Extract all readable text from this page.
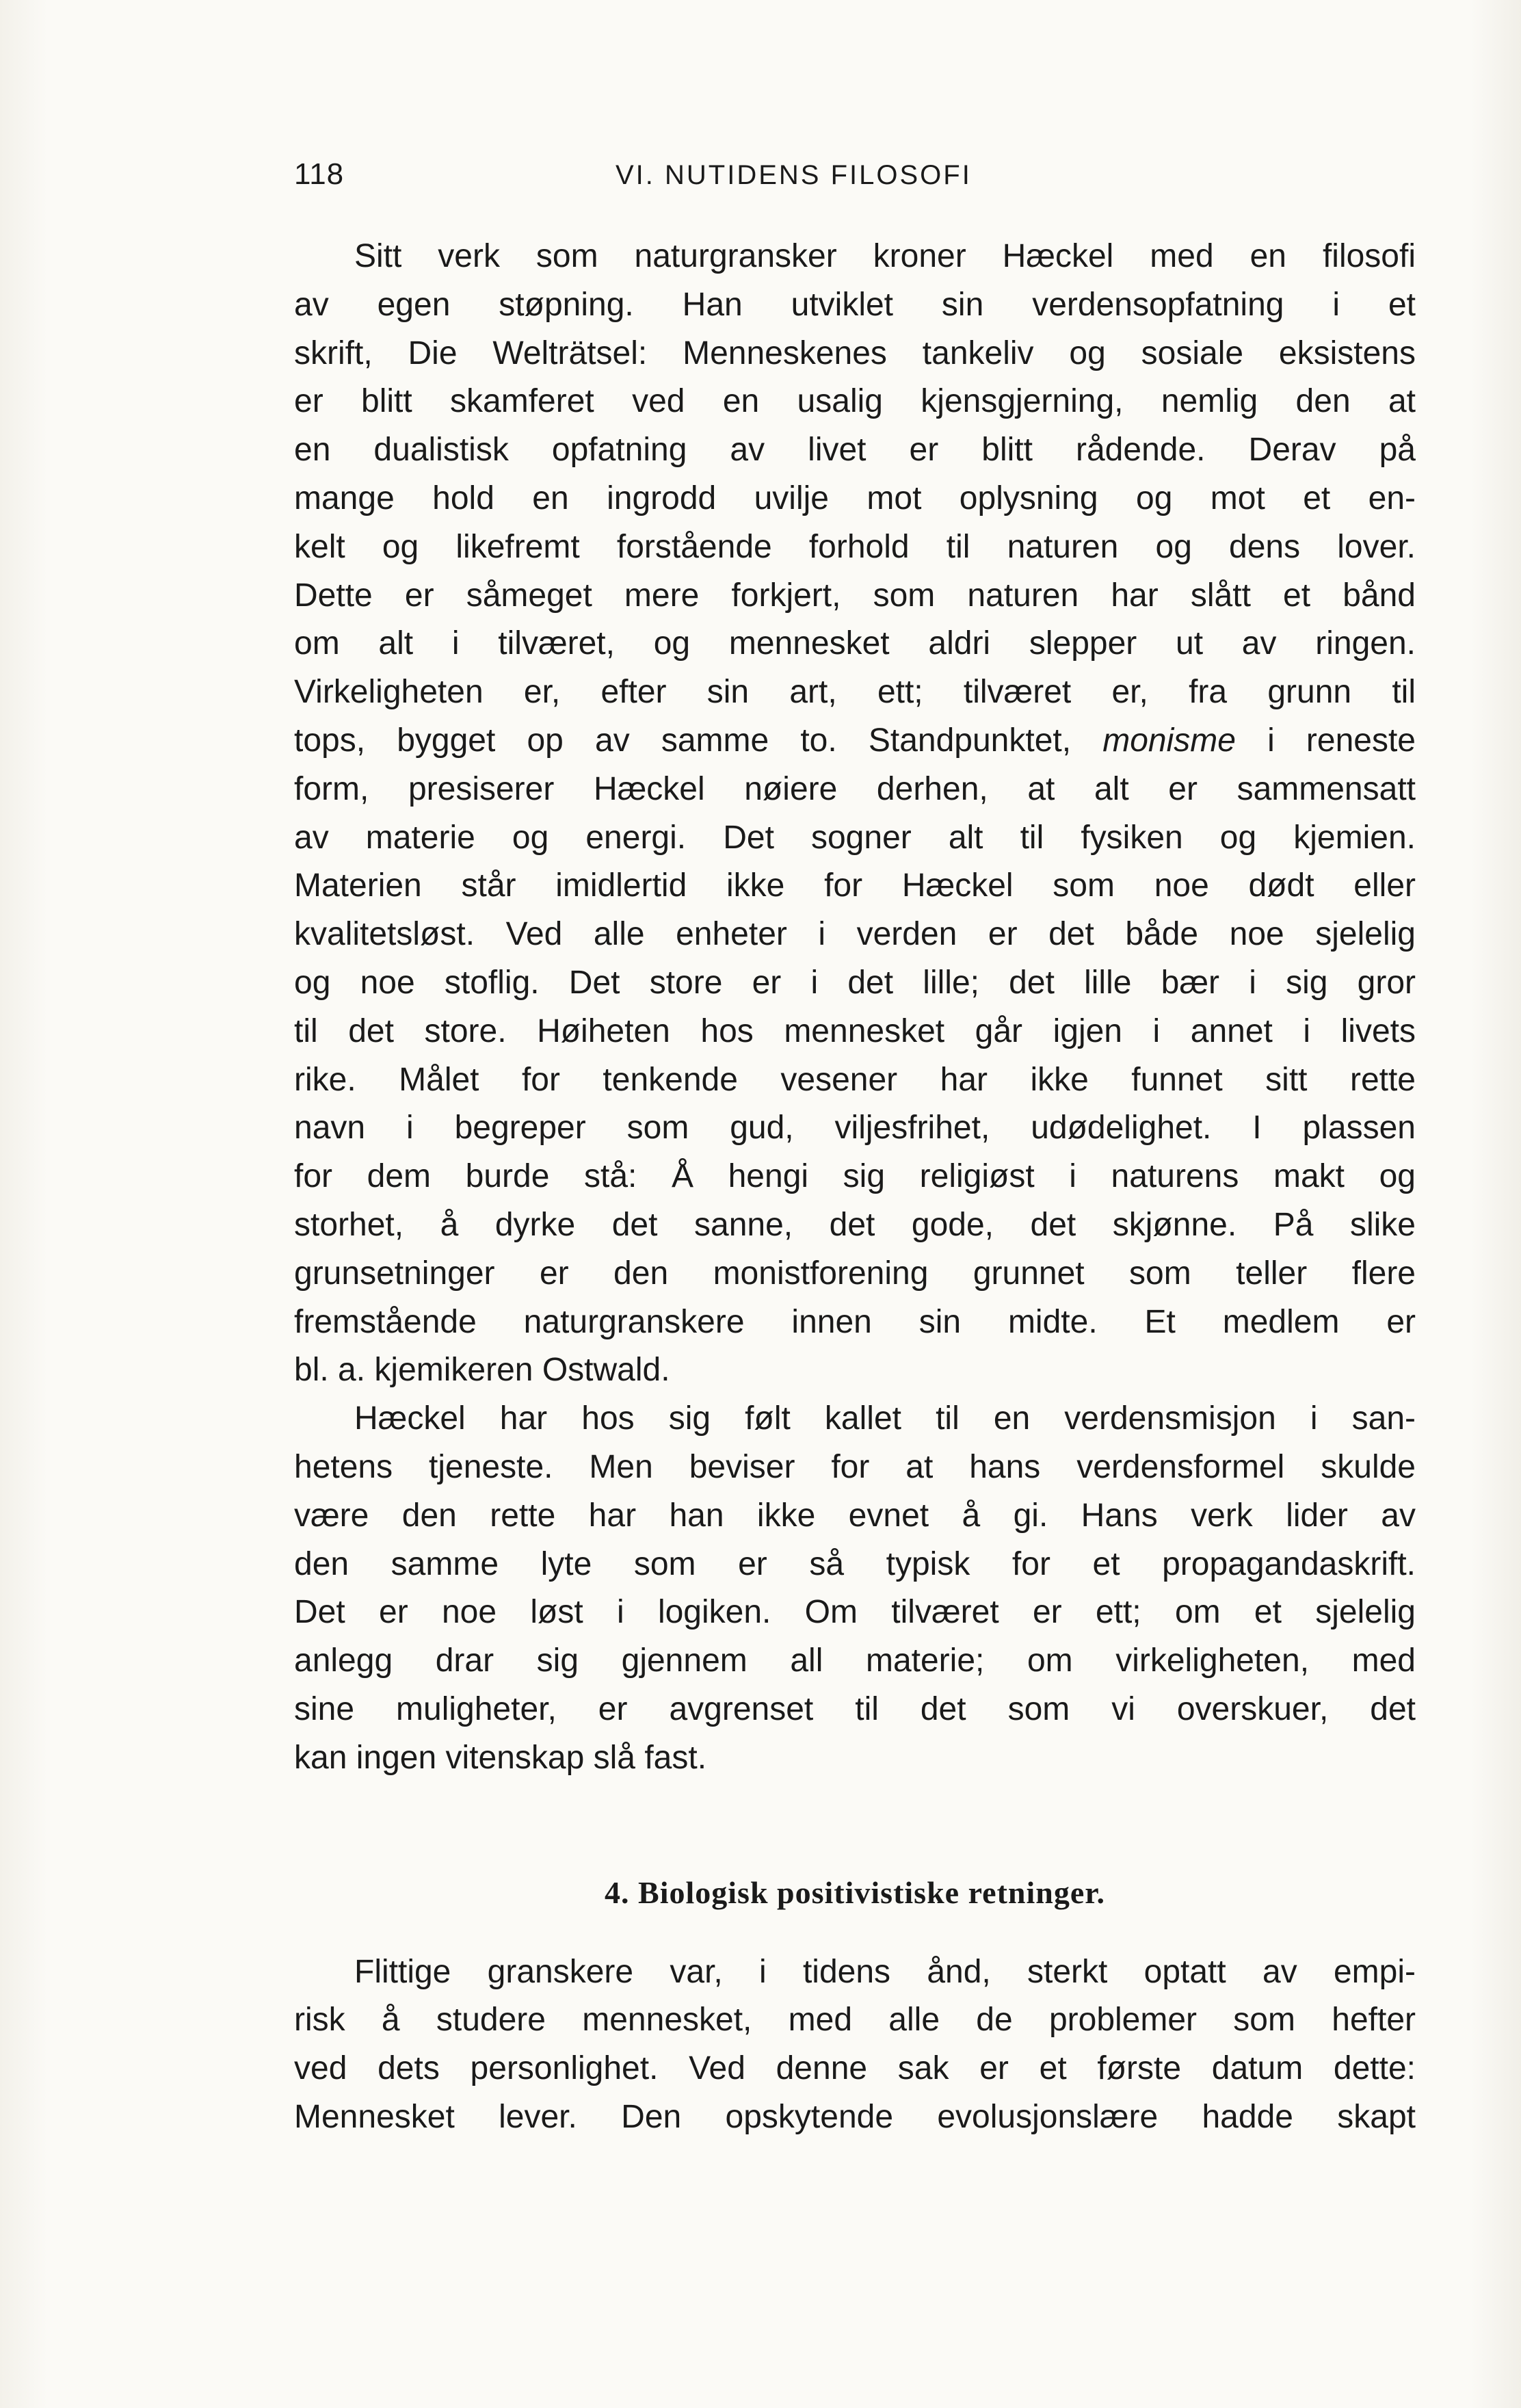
118	VI. NUTIDENS FILOSOFI
Sitt verk som naturgransker kroner Hæckel med en filosofi
av egen støpning. Han utviklet sin verdensopfatning i et
skrift, Die Welträtsel: Menneskenes tankeliv og sosiale eksistens
er blitt skamferet ved en usalig kjensgjerning, nemlig den at
en dualistisk opfatning av livet er blitt rådende. Derav på
mange hold en ingrodd uvilje mot oplysning og mot et en-
kelt og likefremt forstående forhold til naturen og dens lover.
Dette er såmeget mere forkjert, som naturen har slått et bånd
om alt i tilværet, og mennesket aldri slepper ut av ringen.
Virkeligheten er, efter sin art, ett; tilværet er, fra grunn til
tops, bygget op av samme to. Standpunktet, monisme i reneste
form, presiserer Hæckel nøiere derhen, at alt er sammensatt
av materie og energi. Det sogner alt til fysiken og kjemien.
Materien står imidlertid ikke for Hæckel som noe dødt eller
kvalitetsløst. Ved alle enheter i verden er det både noe sjelelig
og noe stoflig. Det store er i det lille; det lille bær i sig gror
til det store. Høiheten hos mennesket går igjen i annet i livets
rike. Målet for tenkende vesener har ikke funnet sitt rette
navn i begreper som gud, viljesfrihet, udødelighet. I plassen
for dem burde stå: Å hengi sig religiøst i naturens makt og
storhet, å dyrke det sanne, det gode, det skjønne. På slike
grunsetninger er den monistforening grunnet som teller flere
fremstående naturgranskere innen sin midte. Et medlem er
bl. a. kjemikeren Ostwald.
Hæckel har hos sig følt kallet til en verdensmisjon i san-
hetens tjeneste. Men beviser for at hans verdensformel skulde
være den rette har han ikke evnet å gi. Hans verk lider av
den samme lyte som er så typisk for et propagandaskrift.
Det er noe løst i logiken. Om tilværet er ett; om et sjelelig
anlegg drar sig gjennem all materie; om virkeligheten, med
sine muligheter, er avgrenset til det som vi overskuer, det
kan ingen vitenskap slå fast.
4. Biologisk positivistiske retninger.
Flittige granskere var, i tidens ånd, sterkt optatt av empi-
risk å studere mennesket, med alle de problemer som hefter
ved dets personlighet. Ved denne sak er et første datum dette:
Mennesket lever. Den opskytende evolusjonslære hadde skapt
